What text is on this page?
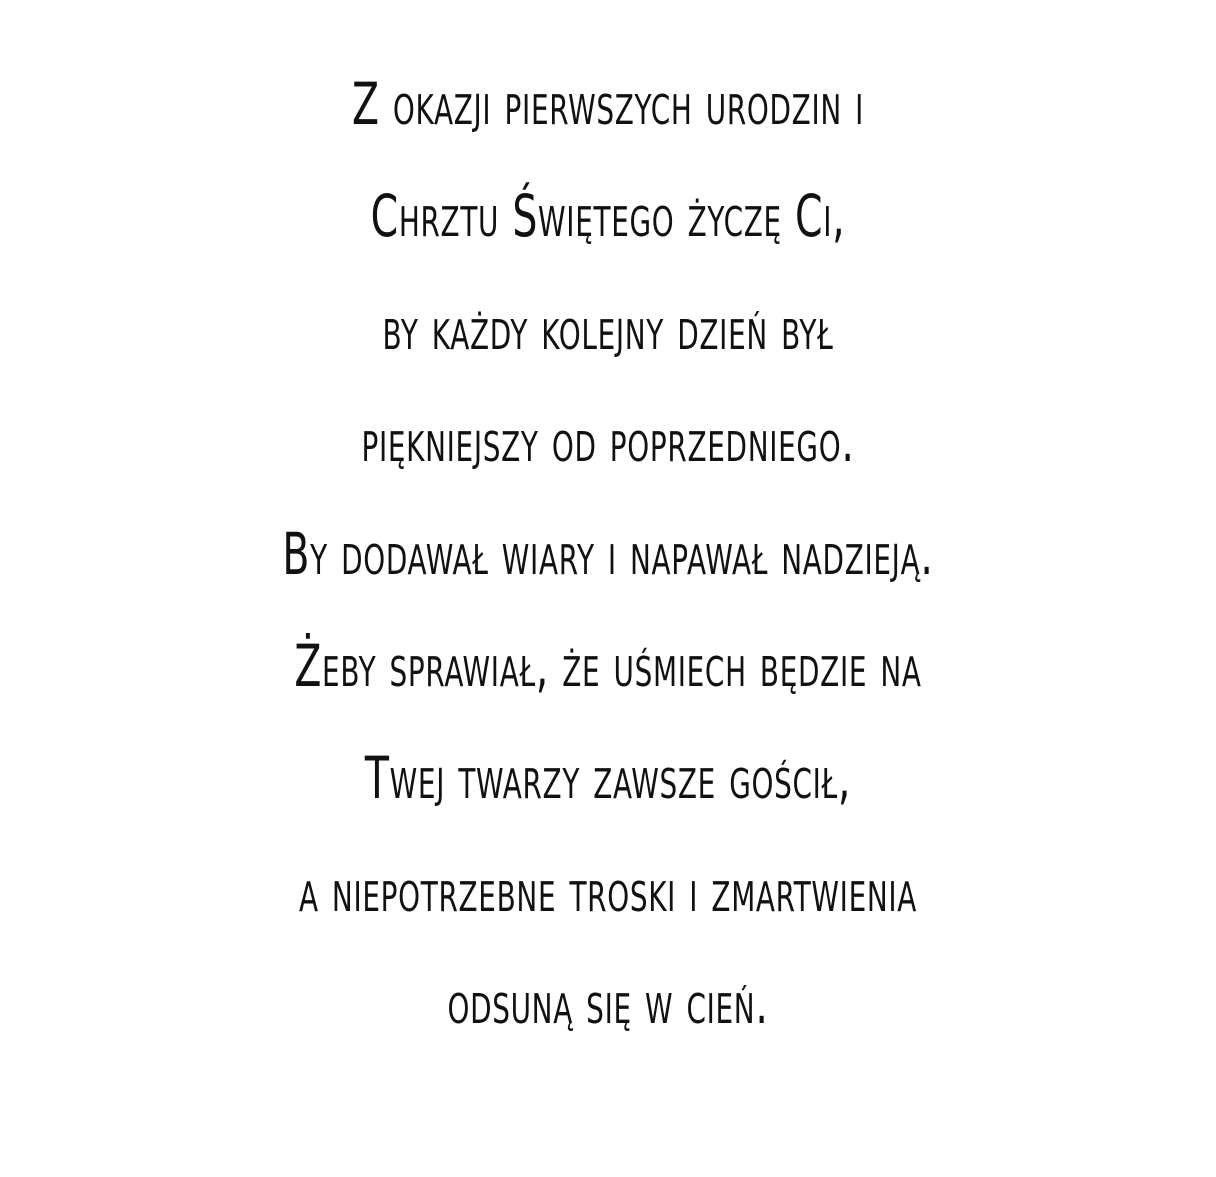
Z okazji pierwszych urodzin i
Chrztu Świętego życzę Ci,
by każdy kolejny dzień był
piękniejszy od poprzedniego.
By dodawał wiary i napawał nadzieją.
Żeby sprawiał, że uśmiech będzie na
Twej twarzy zawsze gościł,
a niepotrzebne troski i zmartwienia
odsuną się w cień.
